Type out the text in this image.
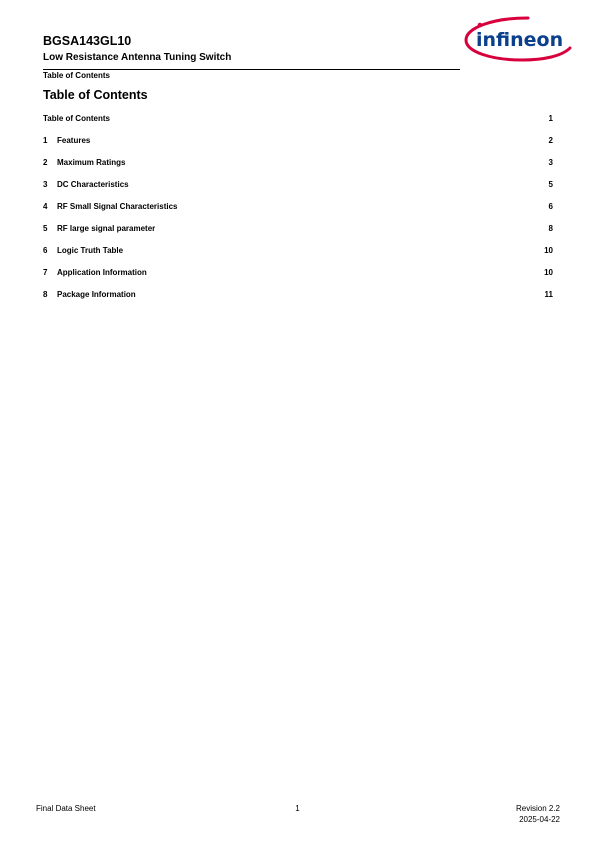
BGSA143GL10
Low Resistance Antenna Tuning Switch
Table of Contents
infineon
Table of Contents
Table of Contents	1
1 Features	2
2 Maximum Ratings	3
3 DC Characteristics	5
4 RF Small Signal Characteristics	6
5 RF large signal parameter	8
6 Logic Truth Table	10
7 Application Information	10
8 Package Information	11
Final Data Sheet	1	Revision 2.2
2025-04-22
